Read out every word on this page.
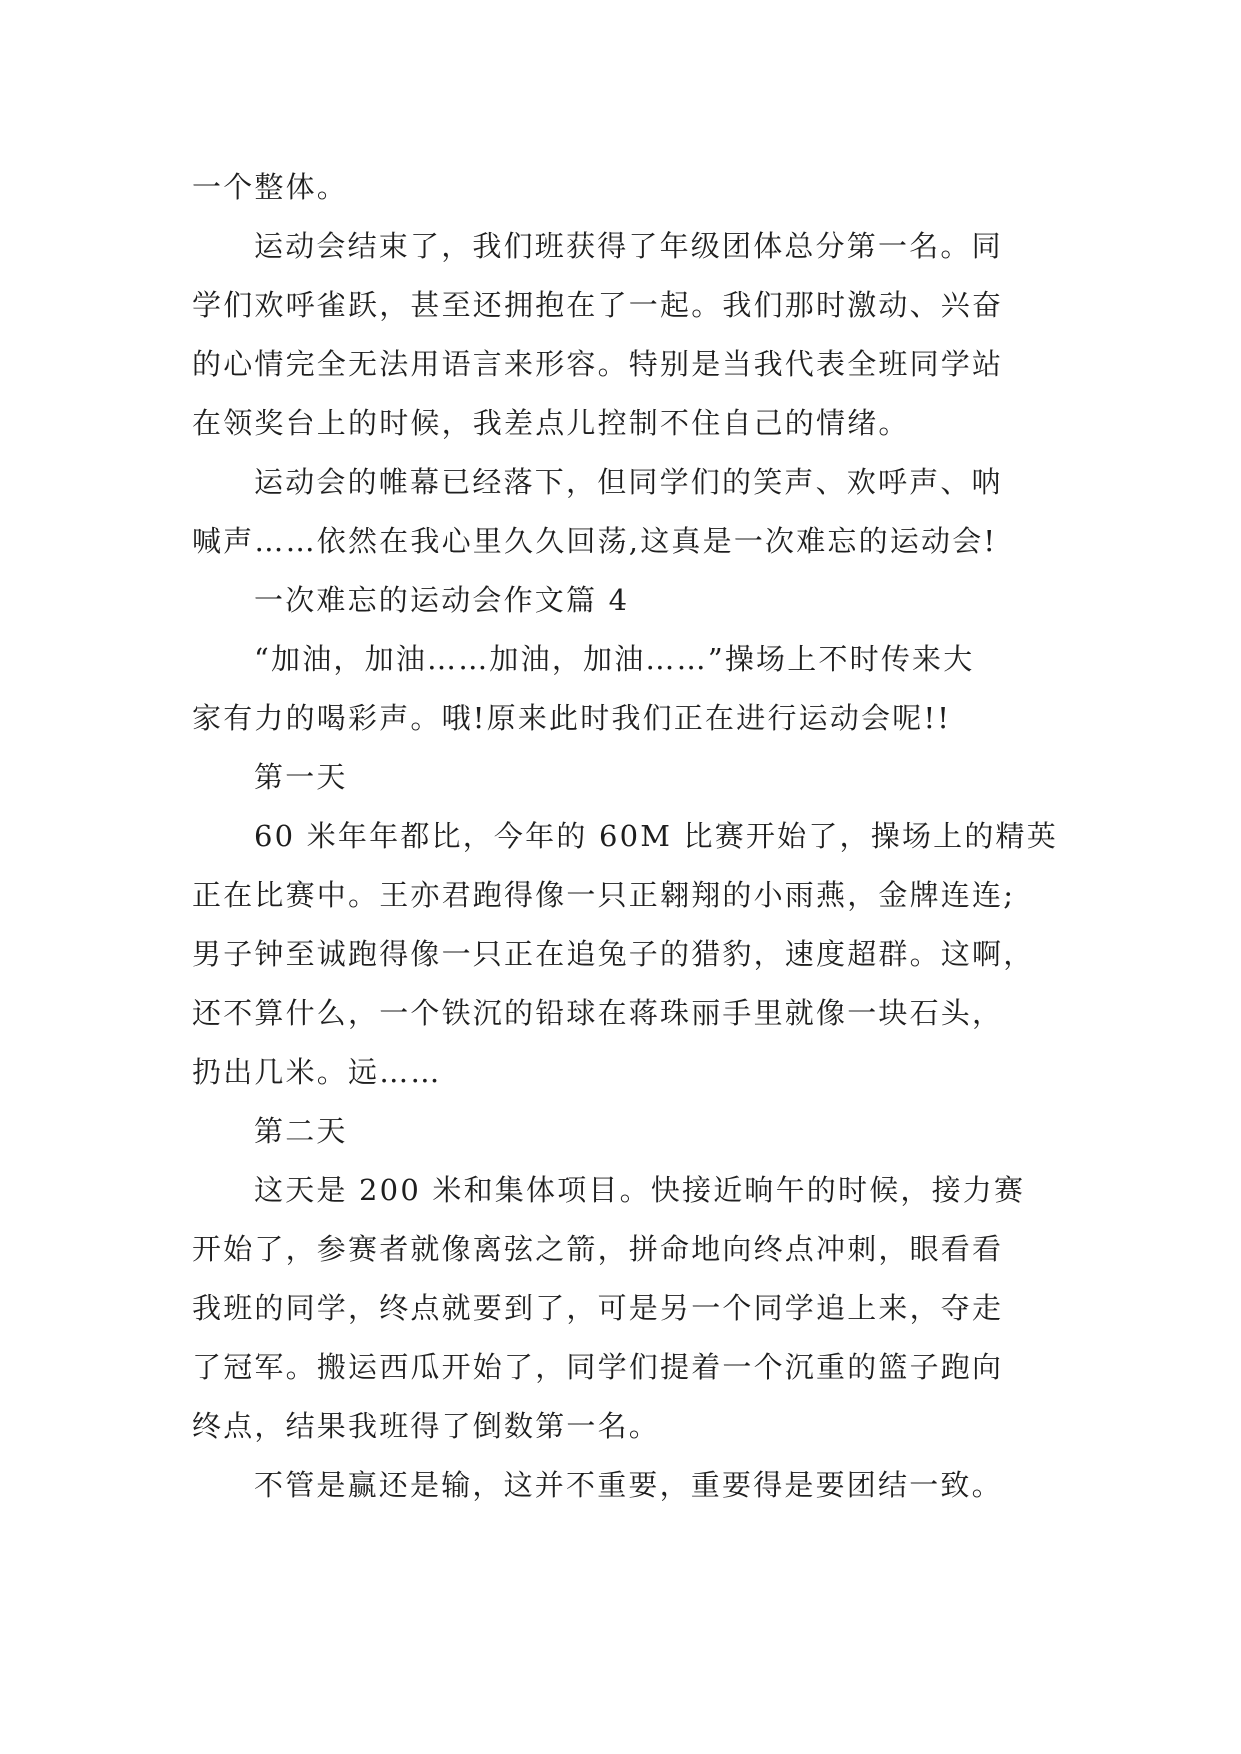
一个整体。
运动会结束了，我们班获得了年级团体总分第一名。同
学们欢呼雀跃，甚至还拥抱在了一起。我们那时激动、兴奋
的心情完全无法用语言来形容。特别是当我代表全班同学站
在领奖台上的时候，我差点儿控制不住自己的情绪。
运动会的帷幕已经落下，但同学们的笑声、欢呼声、呐
喊声……依然在我心里久久回荡,这真是一次难忘的运动会!
一次难忘的运动会作文篇 4
“加油，加油……加油，加油……”操场上不时传来大
家有力的喝彩声。哦!原来此时我们正在进行运动会呢!!
第一天
60 米年年都比，今年的 60M 比赛开始了，操场上的精英
正在比赛中。王亦君跑得像一只正翱翔的小雨燕，金牌连连;
男子钟至诚跑得像一只正在追兔子的猎豹，速度超群。这啊，
还不算什么，一个铁沉的铅球在蒋珠丽手里就像一块石头，
扔出几米。远……
第二天
这天是 200 米和集体项目。快接近晌午的时候，接力赛
开始了，参赛者就像离弦之箭，拼命地向终点冲刺，眼看看
我班的同学，终点就要到了，可是另一个同学追上来，夺走
了冠军。搬运西瓜开始了，同学们提着一个沉重的篮子跑向
终点，结果我班得了倒数第一名。
不管是赢还是输，这并不重要，重要得是要团结一致。
